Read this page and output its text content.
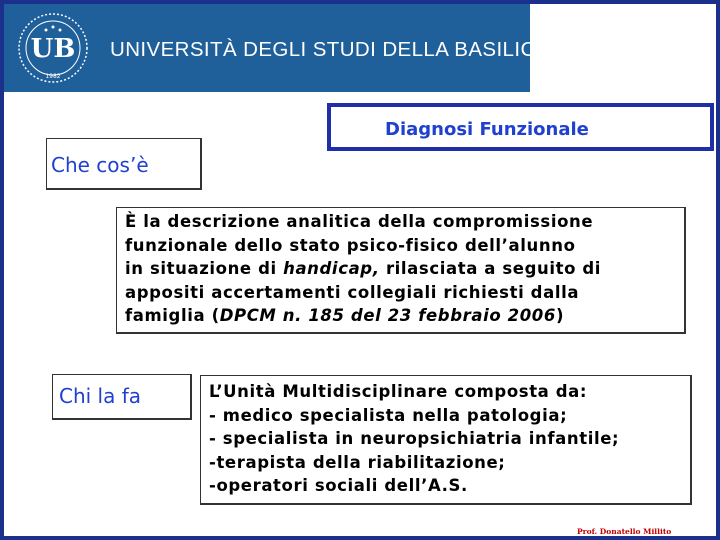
UB
1982
UNIVERSITÀ DEGLI STUDI DELLA BASILICATA
Diagnosi Funzionale
Che cos’è
È la descrizione analitica della compromissione
funzionale dello stato psico-fisico dell’alunno
in situazione di handicap, rilasciata a seguito di
appositi accertamenti collegiali richiesti dalla
famiglia (DPCM n. 185 del 23 febbraio 2006)
Chi la fa	L’Unità Multidisciplinare composta da:
- medico specialista nella patologia;
- specialista in neuropsichiatria infantile;
-terapista della riabilitazione;
-operatori sociali dell’A.S.
Prof. Donatello Millito
